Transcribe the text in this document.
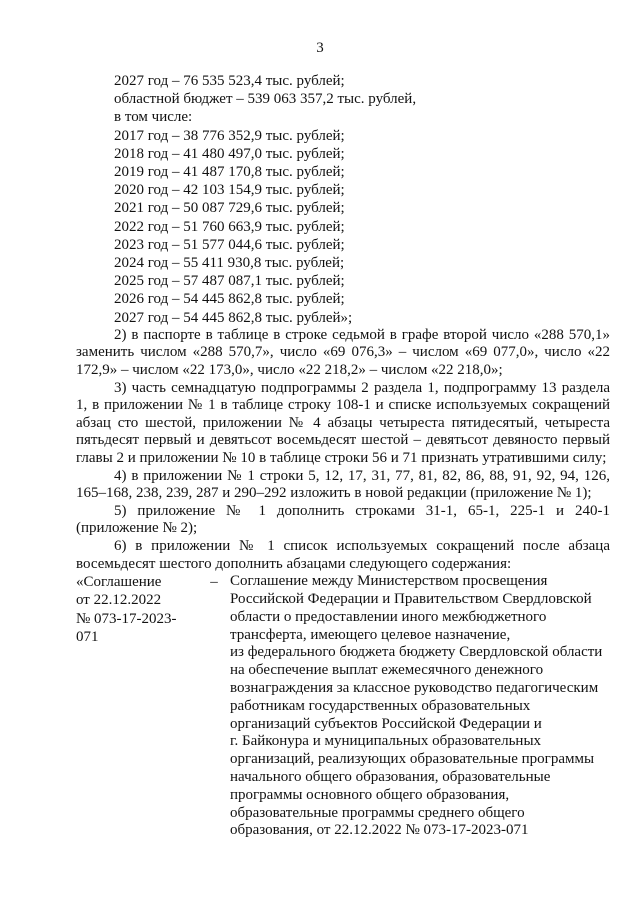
3
2027 год – 76 535 523,4 тыс. рублей;
областной бюджет – 539 063 357,2 тыс. рублей,
в том числе:
2017 год – 38 776 352,9 тыс. рублей;
2018 год – 41 480 497,0 тыс. рублей;
2019 год – 41 487 170,8 тыс. рублей;
2020 год – 42 103 154,9 тыс. рублей;
2021 год – 50 087 729,6 тыс. рублей;
2022 год – 51 760 663,9 тыс. рублей;
2023 год – 51 577 044,6 тыс. рублей;
2024 год – 55 411 930,8 тыс. рублей;
2025 год – 57 487 087,1 тыс. рублей;
2026 год – 54 445 862,8 тыс. рублей;
2027 год – 54 445 862,8 тыс. рублей»;
2) в паспорте в таблице в строке седьмой в графе второй число «288 570,1» заменить числом «288 570,7», число «69 076,3» – числом «69 077,0», число «22 172,9» – числом «22 173,0», число «22 218,2» – числом «22 218,0»;
3) часть семнадцатую подпрограммы 2 раздела 1, подпрограмму 13 раздела 1, в приложении № 1 в таблице строку 108-1 и списке используемых сокращений абзац сто шестой, приложении № 4 абзацы четыреста пятидесятый, четыреста пятьдесят первый и девятьсот восемьдесят шестой – девятьсот девяносто первый главы 2 и приложении № 10 в таблице строки 56 и 71 признать утратившими силу;
4) в приложении № 1 строки 5, 12, 17, 31, 77, 81, 82, 86, 88, 91, 92, 94, 126, 165–168, 238, 239, 287 и 290–292 изложить в новой редакции (приложение № 1);
5) приложение № 1 дополнить строками 31-1, 65-1, 225-1 и 240-1 (приложение № 2);
6) в приложении № 1 список используемых сокращений после абзаца восемьдесят шестого дополнить абзацами следующего содержания:
«Соглашение
от 22.12.2022
№ 073-17-2023-071
– Соглашение между Министерством просвещения
Российской Федерации и Правительством Свердловской
области о предоставлении иного межбюджетного
трансферта, имеющего целевое назначение,
из федерального бюджета бюджету Свердловской области
на обеспечение выплат ежемесячного денежного
вознаграждения за классное руководство педагогическим
работникам государственных образовательных
организаций субъектов Российской Федерации и
г. Байконура и муниципальных образовательных
организаций, реализующих образовательные программы
начального общего образования, образовательные
программы основного общего образования,
образовательные программы среднего общего
образования, от 22.12.2022 № 073-17-2023-071
